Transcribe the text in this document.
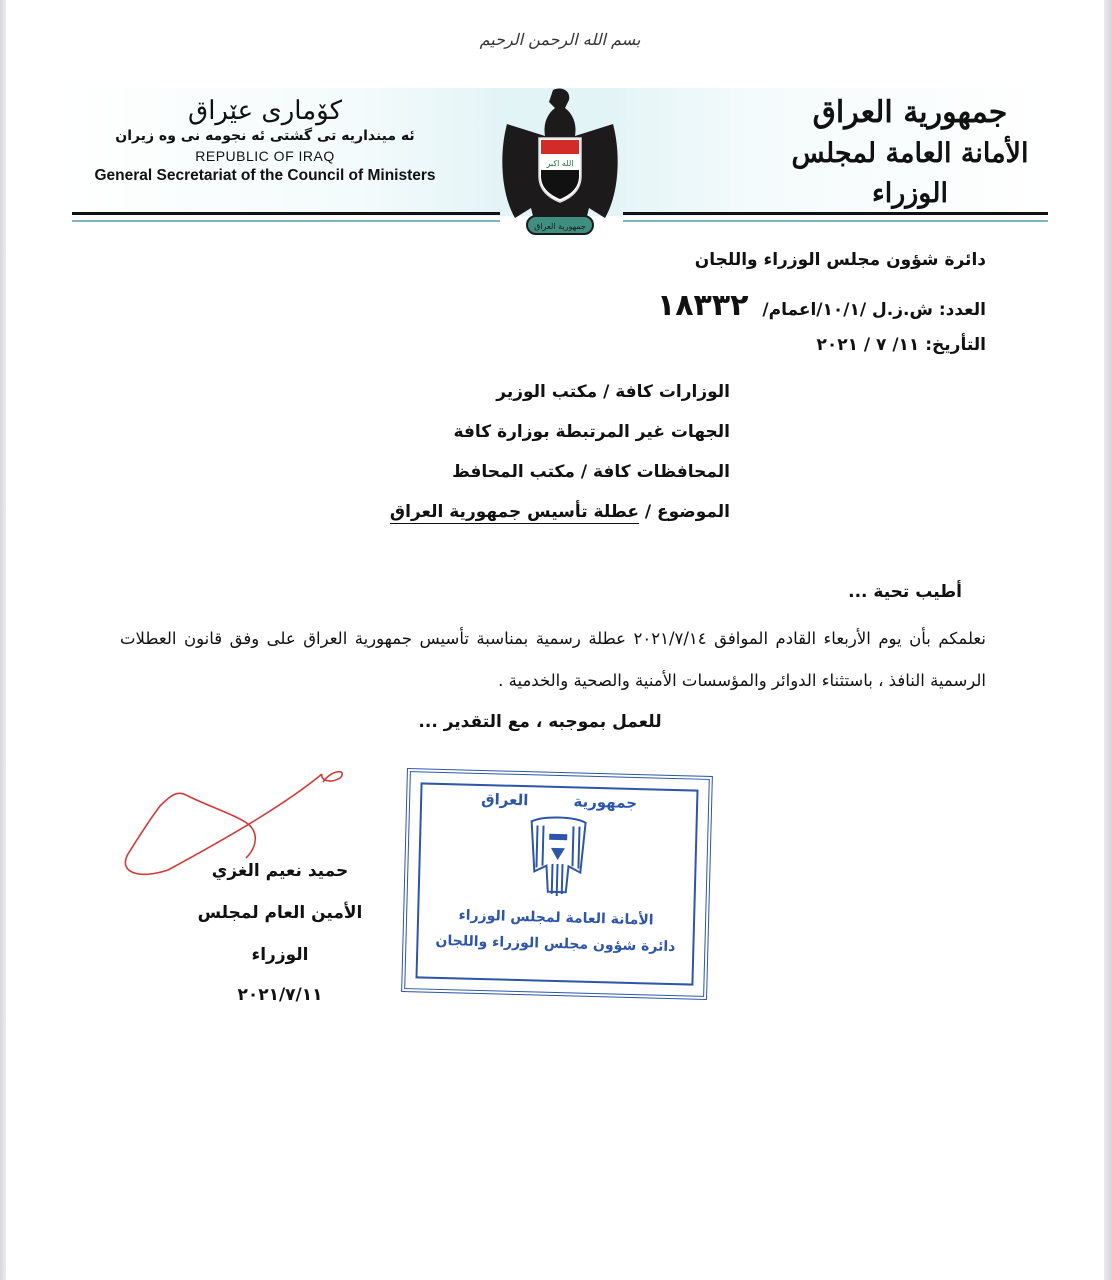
بسم الله الرحمن الرحيم
كۆماری عێراق
ئه مینداریه تی گشتی ئه نجومه نی وه زیران
REPUBLIC OF IRAQ
General Secretariat of the Council of Ministers
جمهورية العراق
الأمانة العامة لمجلس الوزراء
الله اكبر
جمهورية العراق
دائرة شؤون مجلس الوزراء واللجان
العدد: ش.ز.ل /١٠/١/اعمام/ ١٨٣٣٢
التأريخ: ١١/ ٧ / ٢٠٢١
الوزارات كافة / مكتب الوزير
الجهات غير المرتبطة بوزارة كافة
المحافظات كافة / مكتب المحافظ
الموضوع / عطلة تأسيس جمهورية العراق
أطيب تحية ...
نعلمكم بأن يوم الأربعاء القادم الموافق ٢٠٢١/٧/١٤ عطلة رسمية بمناسبة تأسيس جمهورية العراق على وفق قانون العطلات الرسمية النافذ ، باستثناء الدوائر والمؤسسات الأمنية والصحية والخدمية .
للعمل بموجبه ، مع التقدير ...
حميد نعيم الغزي
الأمين العام لمجلس الوزراء
٢٠٢١/٧/١١
جمهورية العراق
الأمانة العامة لمجلس الوزراء
دائرة شؤون مجلس الوزراء واللجان
